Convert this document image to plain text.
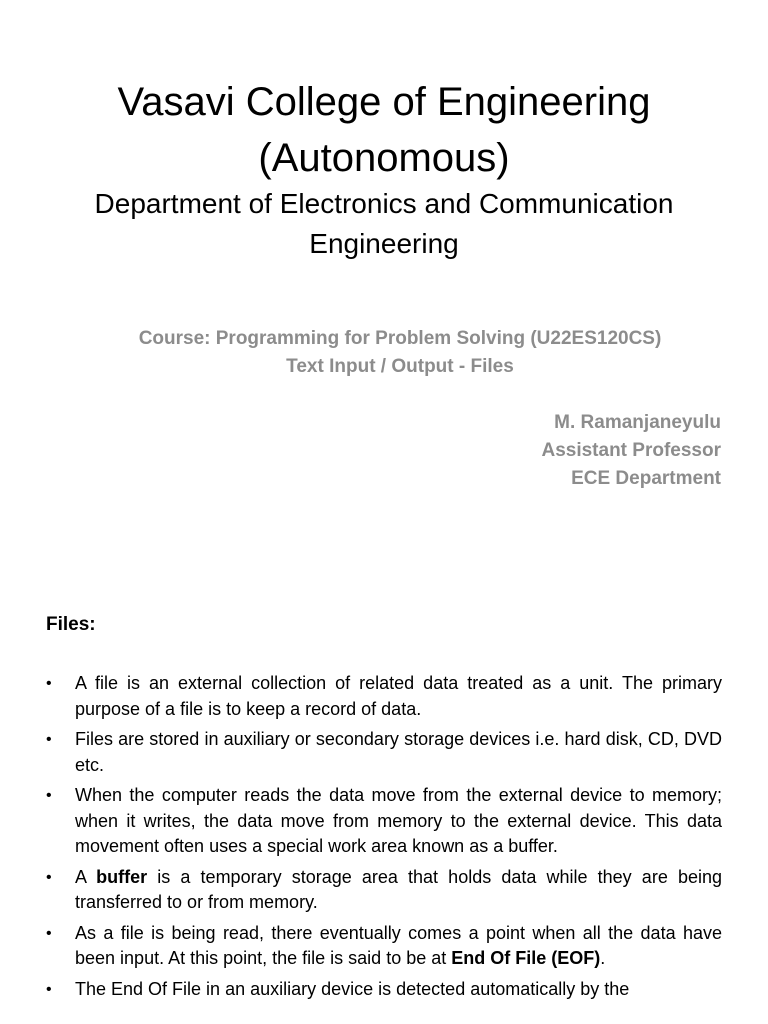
Vasavi College of Engineering
(Autonomous)

Department of Electronics and Communication
Engineering

Course: Programming for Problem Solving (U22ES120CS)
Text Input / Output - Files

M. Ramanjaneyulu
Assistant Professor
ECE Department

Files:

• A file is an external collection of related data treated as a unit. The primary purpose of a file is to keep a record of data.
• Files are stored in auxiliary or secondary storage devices i.e. hard disk, CD, DVD etc.
• When the computer reads the data move from the external device to memory; when it writes, the data move from memory to the external device. This data movement often uses a special work area known as a buffer.
• A buffer is a temporary storage area that holds data while they are being transferred to or from memory.
• As a file is being read, there eventually comes a point when all the data have been input. At this point, the file is said to be at End Of File (EOF).
• The End Of File in an auxiliary device is detected automatically by the
